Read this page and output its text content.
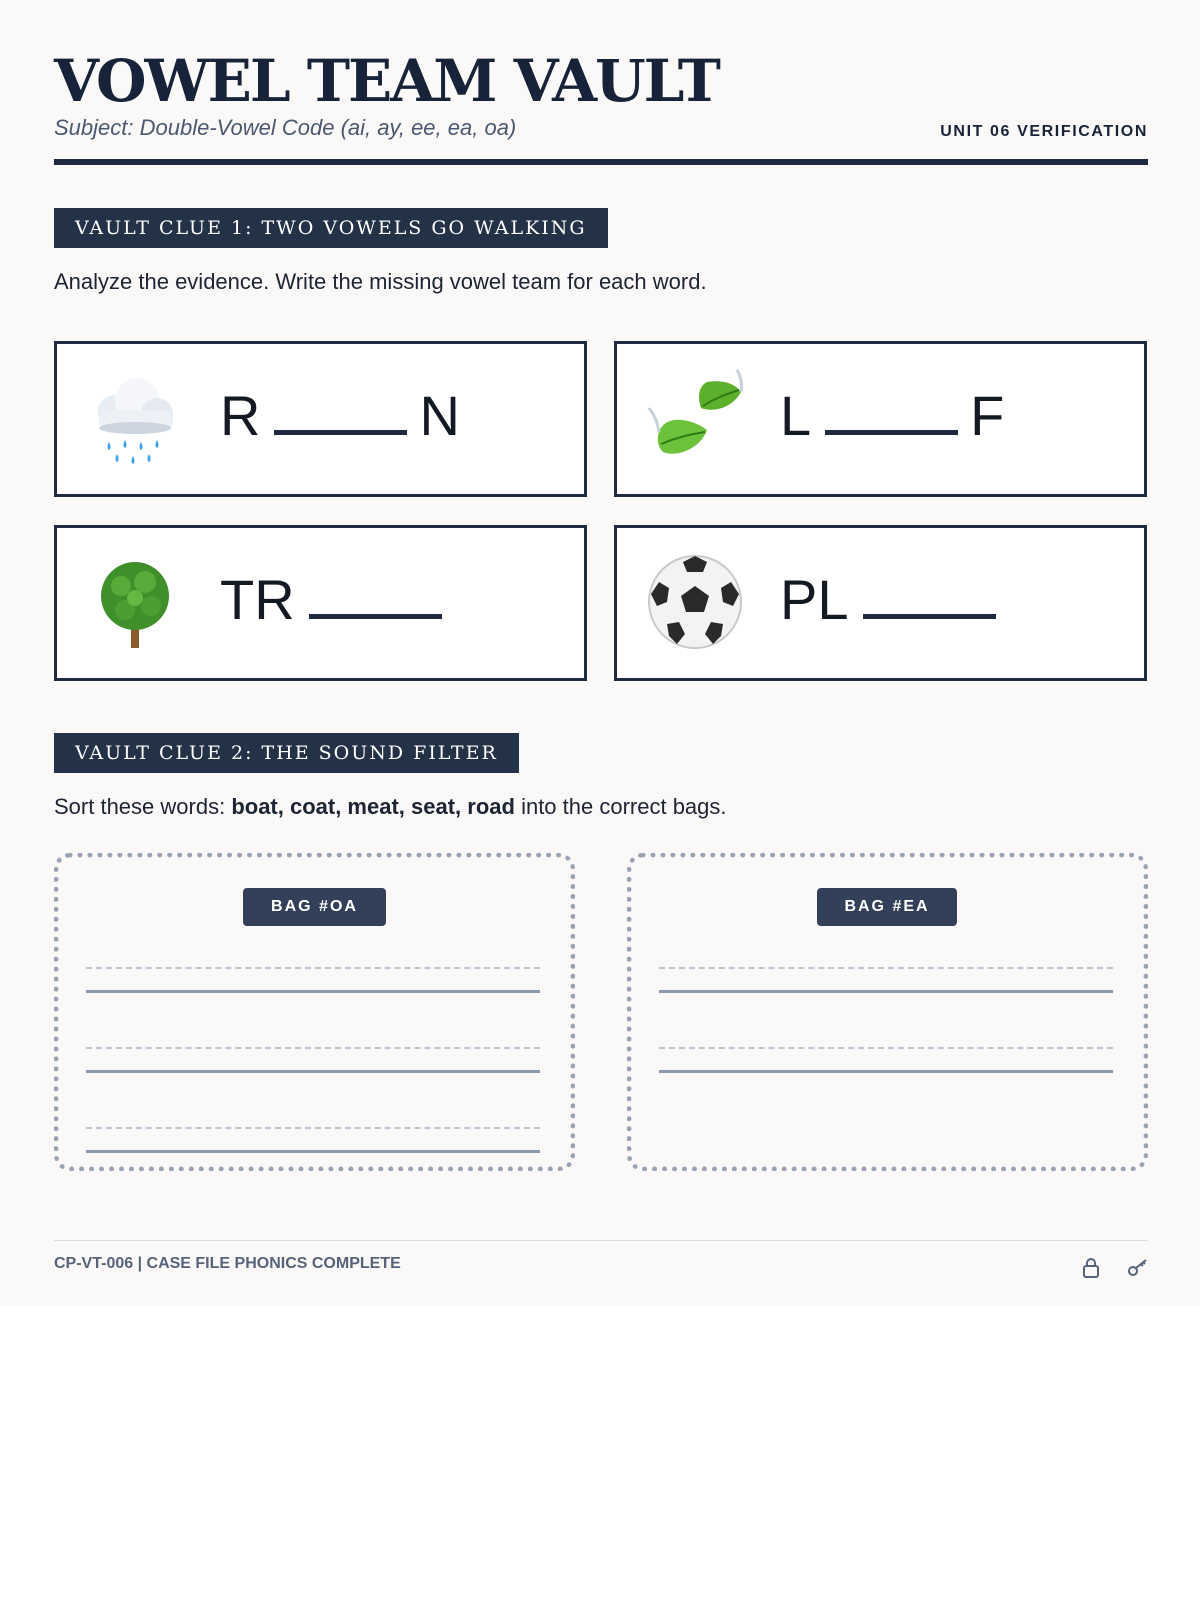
VOWEL TEAM VAULT
Subject: Double-Vowel Code (ai, ay, ee, ea, oa)	UNIT 06 VERIFICATION
VAULT CLUE 1: TWO VOWELS GO WALKING
Analyze the evidence. Write the missing vowel team for each word.
R	N	L	F
TR	PL
VAULT CLUE 2: THE SOUND FILTER
Sort these words: boat, coat, meat, seat, road into the correct bags.
BAG #OA	BAG #EA
CP-VT-006 | CASE FILE PHONICS COMPLETE
